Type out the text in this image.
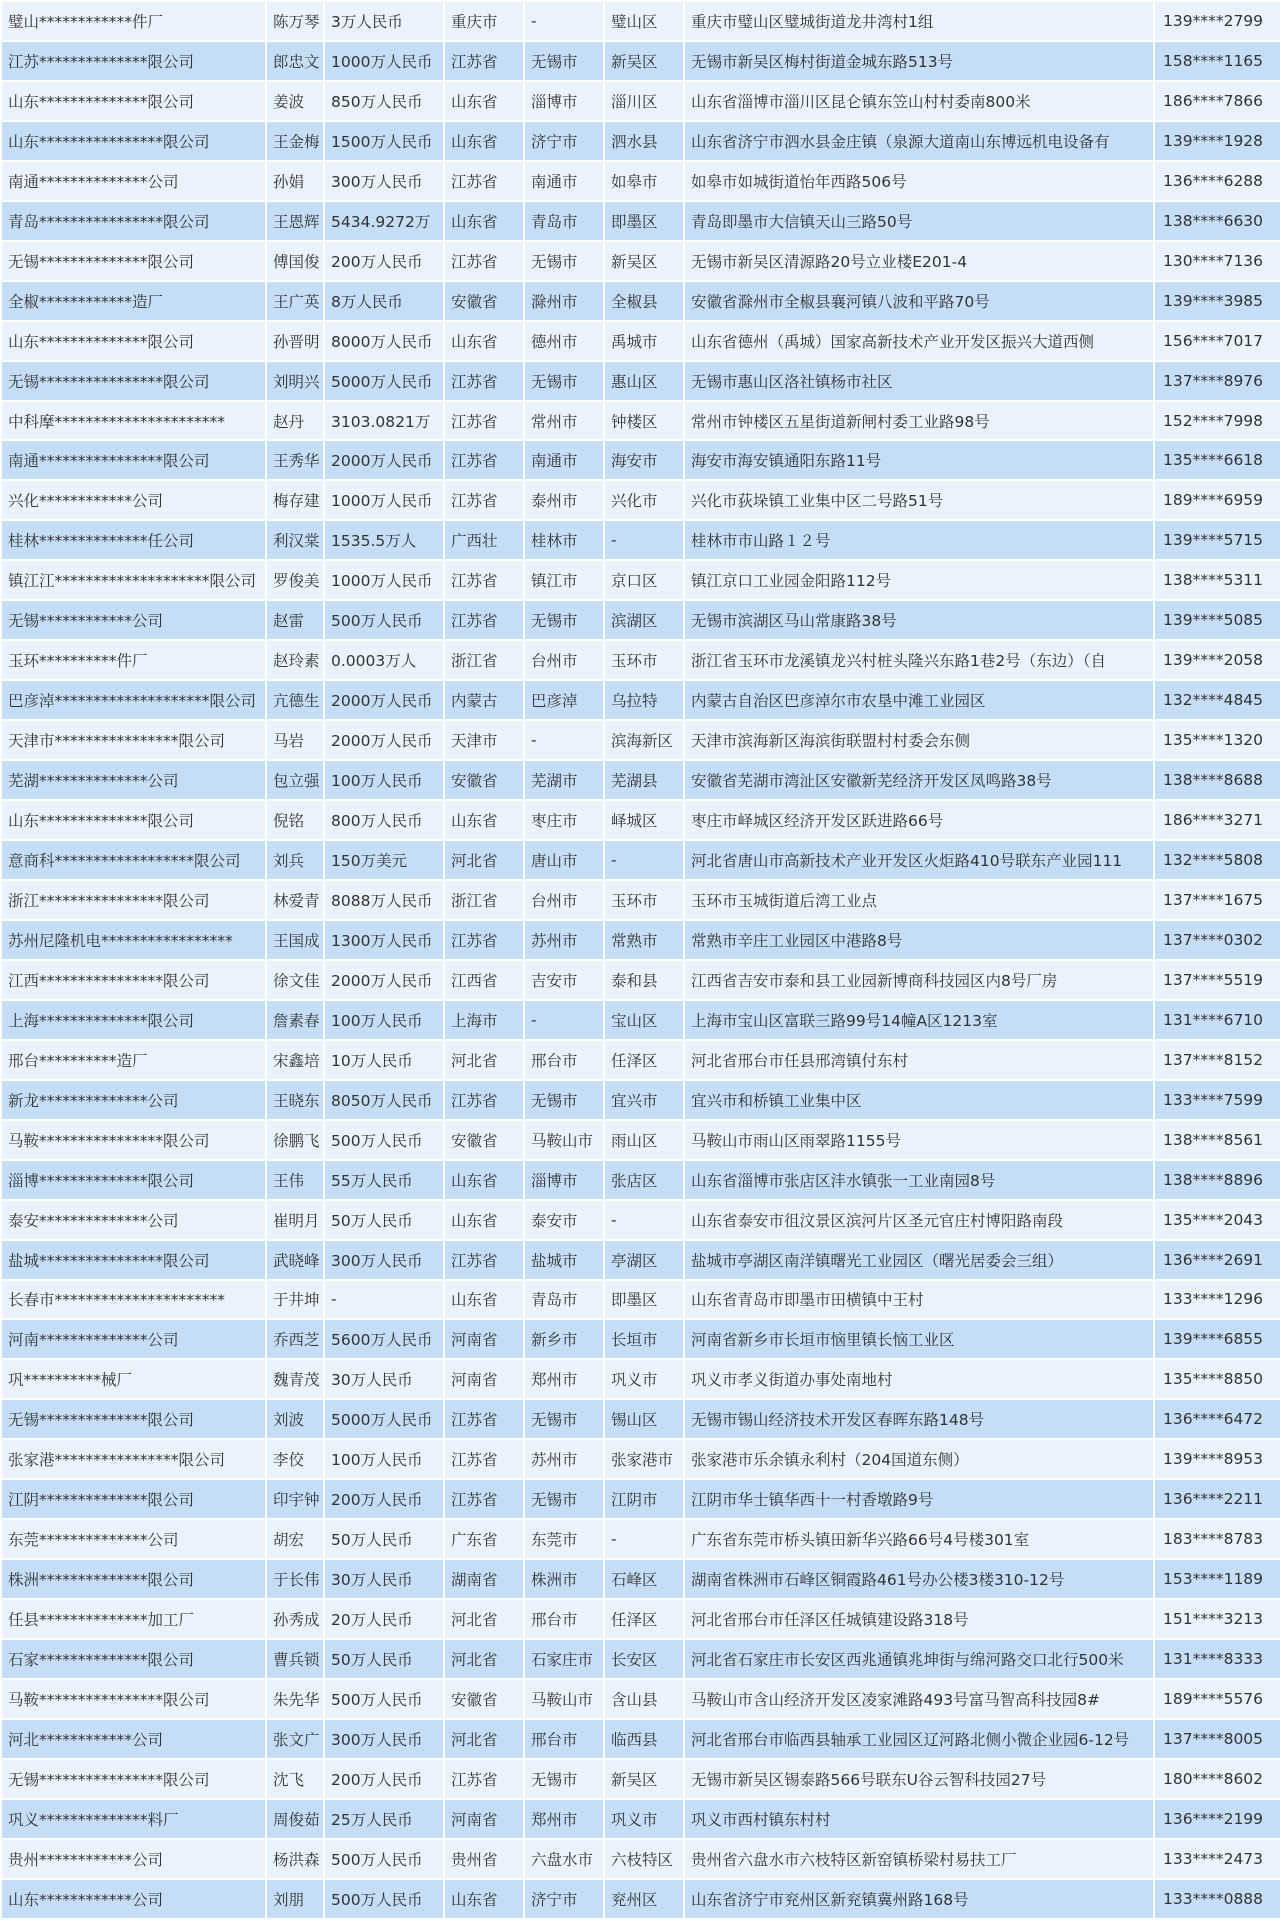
璧山************件厂	陈万琴	3万人民币	重庆市	-	璧山区	重庆市璧山区璧城街道龙井湾村1组	139****2799
江苏**************限公司	郎忠文	1000万人民币	江苏省	无锡市	新吴区	无锡市新吴区梅村街道金城东路513号	158****1165
山东**************限公司	姜波	850万人民币	山东省	淄博市	淄川区	山东省淄博市淄川区昆仑镇东笠山村村委南800米	186****7866
山东****************限公司	王金梅	1500万人民币	山东省	济宁市	泗水县	山东省济宁市泗水县金庄镇（泉源大道南山东博远机电设备有	139****1928
南通**************公司	孙娟	300万人民币	江苏省	南通市	如皋市	如皋市如城街道怡年西路506号	136****6288
青岛****************限公司	王恩辉	5434.9272万	山东省	青岛市	即墨区	青岛即墨市大信镇天山三路50号	138****6630
无锡**************限公司	傅国俊	200万人民币	江苏省	无锡市	新吴区	无锡市新吴区清源路20号立业楼E201-4	130****7136
全椒************造厂	王广英	8万人民币	安徽省	滁州市	全椒县	安徽省滁州市全椒县襄河镇八波和平路70号	139****3985
山东**************限公司	孙晋明	8000万人民币	山东省	德州市	禹城市	山东省德州（禹城）国家高新技术产业开发区振兴大道西侧	156****7017
无锡****************限公司	刘明兴	5000万人民币	江苏省	无锡市	惠山区	无锡市惠山区洛社镇杨市社区	137****8976
中科摩**********************	赵丹	3103.0821万	江苏省	常州市	钟楼区	常州市钟楼区五星街道新闸村委工业路98号	152****7998
南通****************限公司	王秀华	2000万人民币	江苏省	南通市	海安市	海安市海安镇通阳东路11号	135****6618
兴化************公司	梅存建	1000万人民币	江苏省	泰州市	兴化市	兴化市荻垛镇工业集中区二号路51号	189****6959
桂林**************任公司	利汉棠	1535.5万人	广西壮	桂林市	-	桂林市市山路１２号	139****5715
镇江江********************限公司	罗俊美	1000万人民币	江苏省	镇江市	京口区	镇江京口工业园金阳路112号	138****5311
无锡************公司	赵雷	500万人民币	江苏省	无锡市	滨湖区	无锡市滨湖区马山常康路38号	139****5085
玉环**********件厂	赵玲素	0.0003万人	浙江省	台州市	玉环市	浙江省玉环市龙溪镇龙兴村桩头隆兴东路1巷2号（东边）（自	139****2058
巴彦淖********************限公司	亢德生	2000万人民币	内蒙古	巴彦淖	乌拉特	内蒙古自治区巴彦淖尔市农垦中滩工业园区	132****4845
天津市****************限公司	马岩	2000万人民币	天津市	-	滨海新区	天津市滨海新区海滨街联盟村村委会东侧	135****1320
芜湖**************公司	包立强	100万人民币	安徽省	芜湖市	芜湖县	安徽省芜湖市湾沚区安徽新芜经济开发区凤鸣路38号	138****8688
山东**************限公司	倪铭	800万人民币	山东省	枣庄市	峄城区	枣庄市峄城区经济开发区跃进路66号	186****3271
意商科******************限公司	刘兵	150万美元	河北省	唐山市	-	河北省唐山市高新技术产业开发区火炬路410号联东产业园111	132****5808
浙江****************限公司	林爱青	8088万人民币	浙江省	台州市	玉环市	玉环市玉城街道后湾工业点	137****1675
苏州尼隆机电*****************	王国成	1300万人民币	江苏省	苏州市	常熟市	常熟市辛庄工业园区中港路8号	137****0302
江西****************限公司	徐文佳	2000万人民币	江西省	吉安市	泰和县	江西省吉安市泰和县工业园新博商科技园区内8号厂房	137****5519
上海**************限公司	詹素春	100万人民币	上海市	-	宝山区	上海市宝山区富联三路99号14幢A区1213室	131****6710
邢台**********造厂	宋鑫培	10万人民币	河北省	邢台市	任泽区	河北省邢台市任县邢湾镇付东村	137****8152
新龙**************公司	王晓东	8050万人民币	江苏省	无锡市	宜兴市	宜兴市和桥镇工业集中区	133****7599
马鞍****************限公司	徐鹏飞	500万人民币	安徽省	马鞍山市	雨山区	马鞍山市雨山区雨翠路1155号	138****8561
淄博**************限公司	王伟	55万人民币	山东省	淄博市	张店区	山东省淄博市张店区沣水镇张一工业南园8号	138****8896
泰安**************公司	崔明月	50万人民币	山东省	泰安市	-	山东省泰安市徂汶景区滨河片区圣元官庄村博阳路南段	135****2043
盐城****************限公司	武晓峰	300万人民币	江苏省	盐城市	亭湖区	盐城市亭湖区南洋镇曙光工业园区（曙光居委会三组）	136****2691
长春市**********************	于井坤	-	山东省	青岛市	即墨区	山东省青岛市即墨市田横镇中王村	133****1296
河南**************公司	乔西芝	5600万人民币	河南省	新乡市	长垣市	河南省新乡市长垣市恼里镇长恼工业区	139****6855
巩**********械厂	魏青茂	30万人民币	河南省	郑州市	巩义市	巩义市孝义街道办事处南地村	135****8850
无锡**************限公司	刘波	5000万人民币	江苏省	无锡市	锡山区	无锡市锡山经济技术开发区春晖东路148号	136****6472
张家港****************限公司	李佼	100万人民币	江苏省	苏州市	张家港市	张家港市乐余镇永利村（204国道东侧）	139****8953
江阴**************限公司	印宇钟	200万人民币	江苏省	无锡市	江阴市	江阴市华士镇华西十一村香墩路9号	136****2211
东莞**************公司	胡宏	50万人民币	广东省	东莞市	-	广东省东莞市桥头镇田新华兴路66号4号楼301室	183****8783
株洲**************限公司	于长伟	30万人民币	湖南省	株洲市	石峰区	湖南省株洲市石峰区铜霞路461号办公楼3楼310-12号	153****1189
任县**************加工厂	孙秀成	20万人民币	河北省	邢台市	任泽区	河北省邢台市任泽区任城镇建设路318号	151****3213
石家**************限公司	曹兵锁	50万人民币	河北省	石家庄市	长安区	河北省石家庄市长安区西兆通镇兆坤街与绵河路交口北行500米	131****8333
马鞍****************限公司	朱先华	500万人民币	安徽省	马鞍山市	含山县	马鞍山市含山经济开发区凌家滩路493号富马智高科技园8#	189****5576
河北************公司	张文广	300万人民币	河北省	邢台市	临西县	河北省邢台市临西县轴承工业园区辽河路北侧小微企业园6-12号	137****8005
无锡****************限公司	沈飞	200万人民币	江苏省	无锡市	新吴区	无锡市新吴区锡泰路566号联东U谷云智科技园27号	180****8602
巩义**************料厂	周俊茹	25万人民币	河南省	郑州市	巩义市	巩义市西村镇东村村	136****2199
贵州************公司	杨洪森	500万人民币	贵州省	六盘水市	六枝特区	贵州省六盘水市六枝特区新窑镇桥梁村易扶工厂	133****2473
山东************公司	刘朋	500万人民币	山东省	济宁市	兖州区	山东省济宁市兖州区新兖镇冀州路168号	133****0888
